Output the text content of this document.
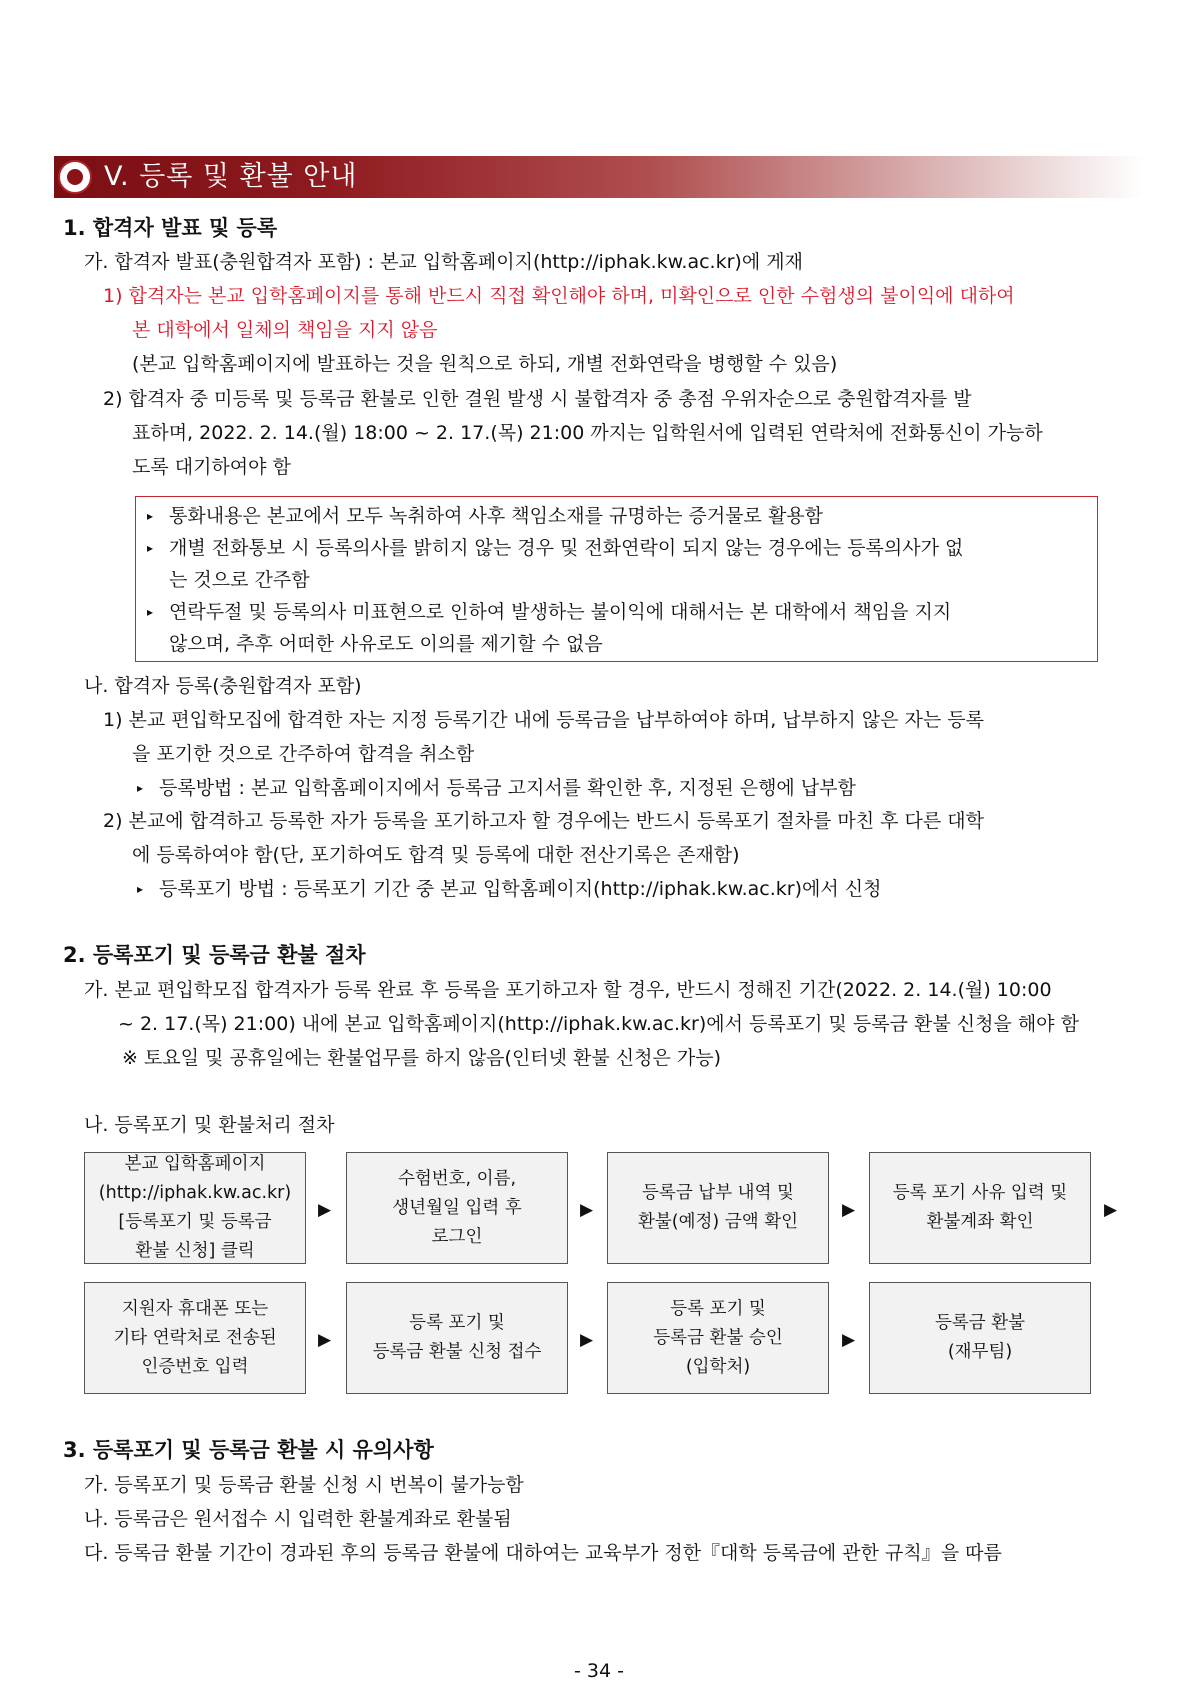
V. 등록 및 환불 안내
1. 합격자 발표 및 등록
가. 합격자 발표(충원합격자 포함) : 본교 입학홈페이지(http://iphak.kw.ac.kr)에 게재
1) 합격자는 본교 입학홈페이지를 통해 반드시 직접 확인해야 하며, 미확인으로 인한 수험생의 불이익에 대하여
본 대학에서 일체의 책임을 지지 않음
(본교 입학홈페이지에 발표하는 것을 원칙으로 하되, 개별 전화연락을 병행할 수 있음)
2) 합격자 중 미등록 및 등록금 환불로 인한 결원 발생 시 불합격자 중 총점 우위자순으로 충원합격자를 발
표하며, 2022. 2. 14.(월) 18:00 ~ 2. 17.(목) 21:00 까지는 입학원서에 입력된 연락처에 전화통신이 가능하
도록 대기하여야 함
▸ 통화내용은 본교에서 모두 녹취하여 사후 책임소재를 규명하는 증거물로 활용함
▸ 개별 전화통보 시 등록의사를 밝히지 않는 경우 및 전화연락이 되지 않는 경우에는 등록의사가 없
는 것으로 간주함
▸ 연락두절 및 등록의사 미표현으로 인하여 발생하는 불이익에 대해서는 본 대학에서 책임을 지지
않으며, 추후 어떠한 사유로도 이의를 제기할 수 없음
나. 합격자 등록(충원합격자 포함)
1) 본교 편입학모집에 합격한 자는 지정 등록기간 내에 등록금을 납부하여야 하며, 납부하지 않은 자는 등록
을 포기한 것으로 간주하여 합격을 취소함
▸ 등록방법 : 본교 입학홈페이지에서 등록금 고지서를 확인한 후, 지정된 은행에 납부함
2) 본교에 합격하고 등록한 자가 등록을 포기하고자 할 경우에는 반드시 등록포기 절차를 마친 후 다른 대학
에 등록하여야 함(단, 포기하여도 합격 및 등록에 대한 전산기록은 존재함)
▸ 등록포기 방법 : 등록포기 기간 중 본교 입학홈페이지(http://iphak.kw.ac.kr)에서 신청
2. 등록포기 및 등록금 환불 절차
가. 본교 편입학모집 합격자가 등록 완료 후 등록을 포기하고자 할 경우, 반드시 정해진 기간(2022. 2. 14.(월) 10:00
~ 2. 17.(목) 21:00) 내에 본교 입학홈페이지(http://iphak.kw.ac.kr)에서 등록포기 및 등록금 환불 신청을 해야 함
※ 토요일 및 공휴일에는 환불업무를 하지 않음(인터넷 환불 신청은 가능)
나. 등록포기 및 환불처리 절차
본교 입학홈페이지
(http://iphak.kw.ac.kr)
[등록포기 및 등록금
환불 신청] 클릭
▶
수험번호, 이름,
생년월일 입력 후
로그인
▶
등록금 납부 내역 및
환불(예정) 금액 확인
▶
등록 포기 사유 입력 및
환불계좌 확인
▶
지원자 휴대폰 또는
기타 연락처로 전송된
인증번호 입력
▶
등록 포기 및
등록금 환불 신청 접수
▶
등록 포기 및
등록금 환불 승인
(입학처)
▶
등록금 환불
(재무팀)
3. 등록포기 및 등록금 환불 시 유의사항
가. 등록포기 및 등록금 환불 신청 시 번복이 불가능함
나. 등록금은 원서접수 시 입력한 환불계좌로 환불됨
다. 등록금 환불 기간이 경과된 후의 등록금 환불에 대하여는 교육부가 정한『대학 등록금에 관한 규칙』을 따름
- 34 -
